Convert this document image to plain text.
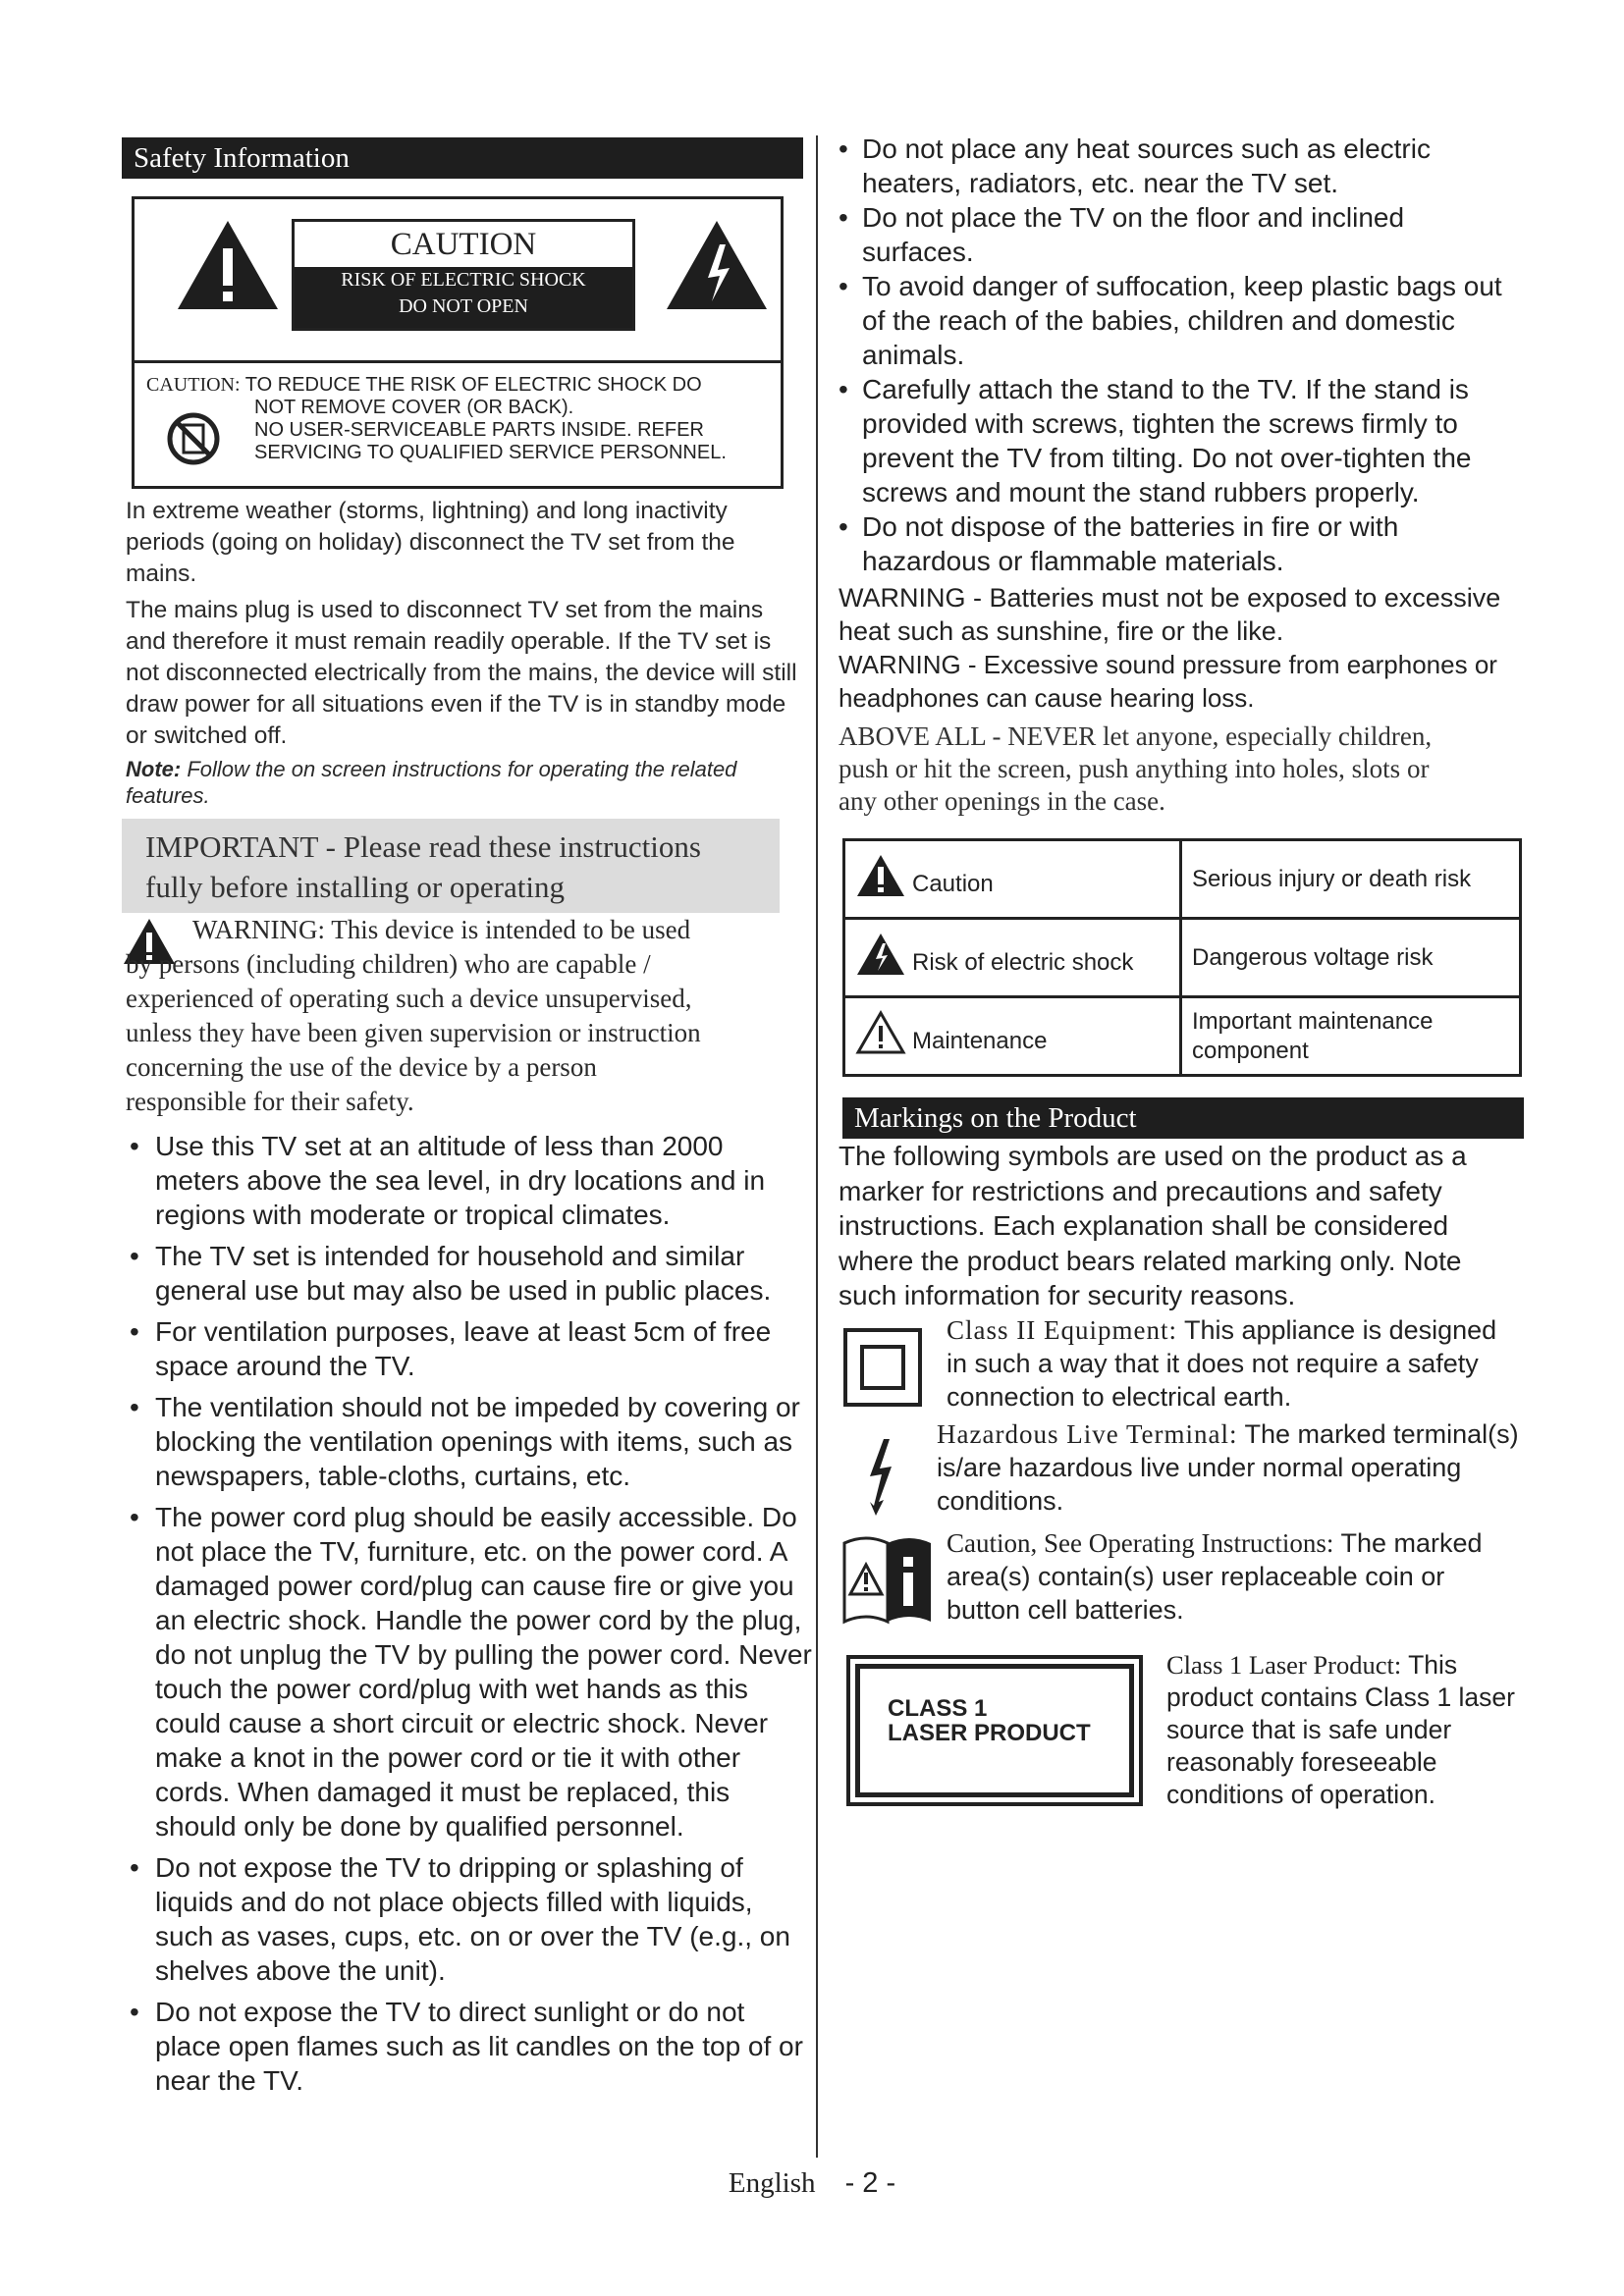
Safety Information
CAUTION
RISK OF ELECTRIC SHOCK
DO NOT OPEN
CAUTION: TO REDUCE THE RISK OF ELECTRIC SHOCK DO
NOT REMOVE COVER (OR BACK).
NO USER-SERVICEABLE PARTS INSIDE. REFER
SERVICING TO QUALIFIED SERVICE PERSONNEL.

In extreme weather (storms, lightning) and long inactivity periods (going on holiday) disconnect the TV set from the mains.

The mains plug is used to disconnect TV set from the mains and therefore it must remain readily operable. If the TV set is not disconnected electrically from the mains, the device will still draw power for all situations even if the TV is in standby mode or switched off.

Note: Follow the on screen instructions for operating the related features.

IMPORTANT - Please read these instructions fully before installing or operating

WARNING: This device is intended to be used by persons (including children) who are capable / experienced of operating such a device unsupervised, unless they have been given supervision or instruction concerning the use of the device by a person responsible for their safety.

• Use this TV set at an altitude of less than 2000 meters above the sea level, in dry locations and in regions with moderate or tropical climates.
• The TV set is intended for household and similar general use but may also be used in public places.
• For ventilation purposes, leave at least 5cm of free space around the TV.
• The ventilation should not be impeded by covering or blocking the ventilation openings with items, such as newspapers, table-cloths, curtains, etc.
• The power cord plug should be easily accessible. Do not place the TV, furniture, etc. on the power cord. A damaged power cord/plug can cause fire or give you an electric shock. Handle the power cord by the plug, do not unplug the TV by pulling the power cord. Never touch the power cord/plug with wet hands as this could cause a short circuit or electric shock. Never make a knot in the power cord or tie it with other cords. When damaged it must be replaced, this should only be done by qualified personnel.
• Do not expose the TV to dripping or splashing of liquids and do not place objects filled with liquids, such as vases, cups, etc. on or over the TV (e.g., on shelves above the unit).
• Do not expose the TV to direct sunlight or do not place open flames such as lit candles on the top of or near the TV.
• Do not place any heat sources such as electric heaters, radiators, etc. near the TV set.
• Do not place the TV on the floor and inclined surfaces.
• To avoid danger of suffocation, keep plastic bags out of the reach of the babies, children and domestic animals.
• Carefully attach the stand to the TV. If the stand is provided with screws, tighten the screws firmly to prevent the TV from tilting. Do not over-tighten the screws and mount the stand rubbers properly.
• Do not dispose of the batteries in fire or with hazardous or flammable materials.

WARNING - Batteries must not be exposed to excessive heat such as sunshine, fire or the like.

WARNING - Excessive sound pressure from earphones or headphones can cause hearing loss.

ABOVE ALL - NEVER let anyone, especially children, push or hit the screen, push anything into holes, slots or any other openings in the case.

Caution	Serious injury or death risk

Risk of electric shock	Dangerous voltage risk

Maintenance	Important maintenance component
Markings on the Product

The following symbols are used on the product as a marker for restrictions and precautions and safety instructions. Each explanation shall be considered where the product bears related marking only. Note such information for security reasons.

Class II Equipment: This appliance is designed in such a way that it does not require a safety connection to electrical earth.
Hazardous Live Terminal: The marked terminal(s) is/are hazardous live under normal operating conditions.
Caution, See Operating Instructions: The marked area(s) contain(s) user replaceable coin or button cell batteries.
CLASS 1
LASER PRODUCT
Class 1 Laser Product: This product contains Class 1 laser source that is safe under reasonably foreseeable conditions of operation.
English - 2 -
